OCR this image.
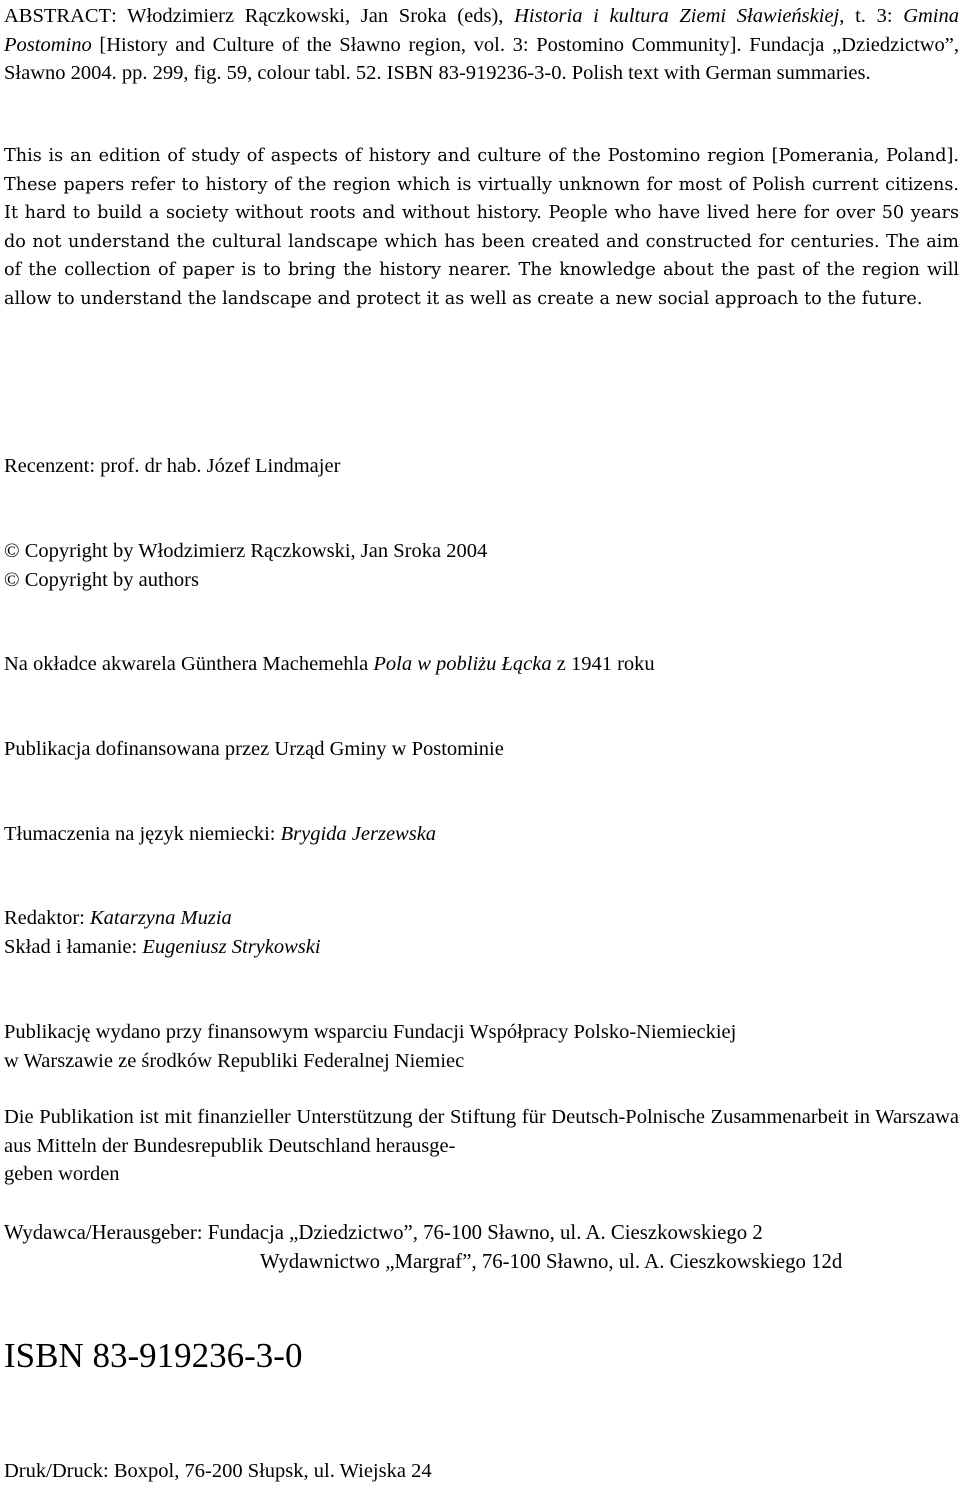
ABSTRACT: Włodzimierz Rączkowski, Jan Sroka (eds), Historia i kultura Ziemi Sławieńskiej, t. 3: Gmina Postomino [History and Culture of the Sławno region, vol. 3: Postomino Community]. Fundacja „Dziedzictwo”, Sławno 2004. pp. 299, fig. 59, colour tabl. 52. ISBN 83-919236-3-0. Polish text with German summaries.

This is an edition of study of aspects of history and culture of the Postomino region [Pomerania, Poland]. These papers refer to history of the region which is virtually unknown for most of Polish current citizens. It hard to build a society without roots and without history. People who have lived here for over 50 years do not understand the cultural landscape which has been created and constructed for centuries. The aim of the collection of paper is to bring the history nearer. The knowledge about the past of the region will allow to understand the landscape and protect it as well as create a new social approach to the future.

Recenzent: prof. dr hab. Józef Lindmajer

© Copyright by Włodzimierz Rączkowski, Jan Sroka 2004
© Copyright by authors

Na okładce akwarela Günthera Machemehla Pola w pobliżu Łącka z 1941 roku

Publikacja dofinansowana przez Urząd Gminy w Postominie

Tłumaczenia na język niemiecki: Brygida Jerzewska

Redaktor: Katarzyna Muzia
Skład i łamanie: Eugeniusz Strykowski
Publikację wydano przy finansowym wsparciu Fundacji Współpracy Polsko-Niemieckiej
w Warszawie ze środków Republiki Federalnej Niemiec

Die Publikation ist mit finanzieller Unterstützung der Stiftung für Deutsch-Polnische Zusammenarbeit in Warszawa aus Mitteln der Bundesrepublik Deutschland herausge-
geben worden

Wydawca/Herausgeber: Fundacja „Dziedzictwo”, 76-100 Sławno, ul. A. Cieszkowskiego 2
Wydawnictwo „Margraf”, 76-100 Sławno, ul. A. Cieszkowskiego 12d

ISBN 83-919236-3-0

Druk/Druck: Boxpol, 76-200 Słupsk, ul. Wiejska 24
